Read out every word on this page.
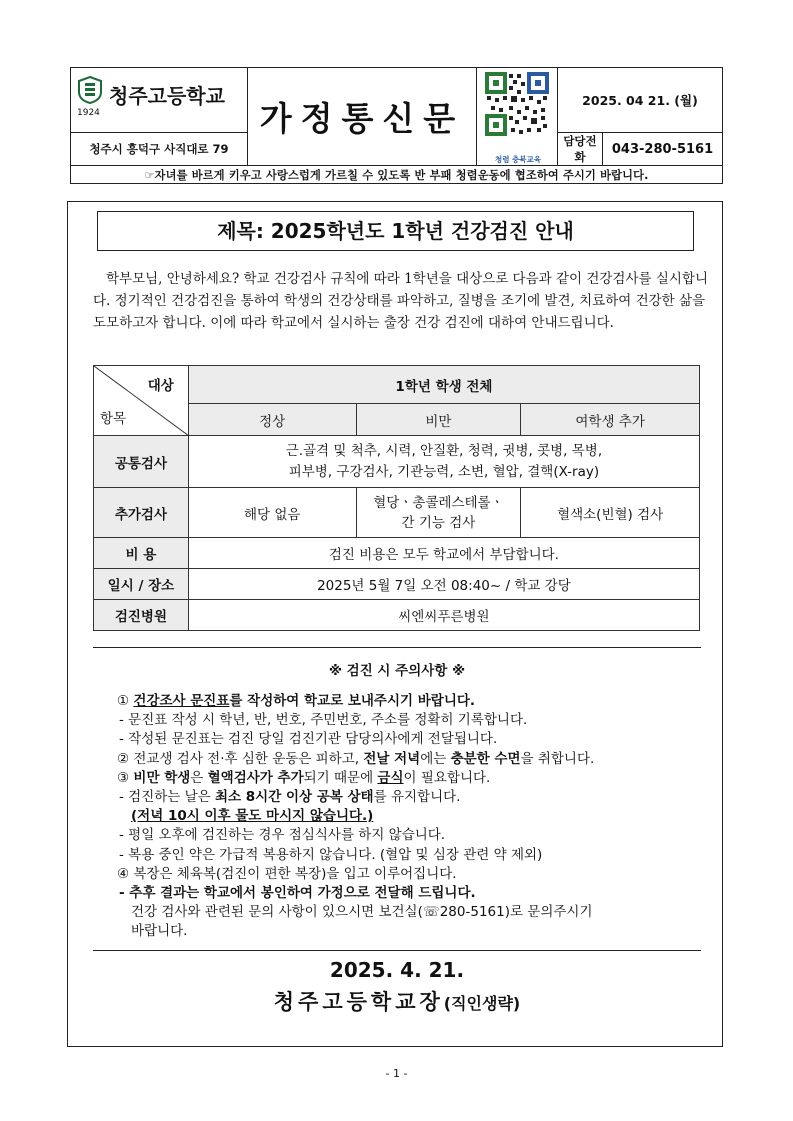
청주고등학교
1924	가정통신문	청렴 충북교육	2025. 04 21. (월)	
청주시 흥덕구 사직대로 79			담당전화	043-280-5161
☞자녀를 바르게 키우고 사랑스럽게 가르칠 수 있도록 반 부패 청렴운동에 협조하여 주시기 바랍니다.				
제목: 2025학년도 1학년 건강검진 안내
학부모님, 안녕하세요? 학교 건강검사 규칙에 따라 1학년을 대상으로 다음과 같이 건강검사를 실시합니다. 정기적인 건강검진을 통하여 학생의 건강상태를 파악하고, 질병을 조기에 발견, 치료하여 건강한 삶을 도모하고자 합니다. 이에 따라 학교에서 실시하는 출장 건강 검진에 대하여 안내드립니다.
대상
항목	1학년 학생 전체		
	정상	비만	여학생 추가
공통검사	근.골격 및 척추, 시력, 안질환, 청력, 귓병, 콧병, 목병,
피부병, 구강검사, 기관능력, 소변, 혈압, 결핵(X-ray)		

추가검사	해당 없음	혈당ㆍ총콜레스테롤ㆍ
간 기능 검사	혈색소(빈혈) 검사
비 용	검진 비용은 모두 학교에서 부담합니다.		
일시 / 장소	2025년 5월 7일 오전 08:40~ / 학교 강당		
검진병원	씨엔씨푸른병원		
※ 검진 시 주의사항 ※
① 건강조사 문진표를 작성하여 학교로 보내주시기 바랍니다.
- 문진표 작성 시 학년, 반, 번호, 주민번호, 주소를 정확히 기록합니다.
- 작성된 문진표는 검진 당일 검진기관 담당의사에게 전달됩니다.
② 전교생 검사 전·후 심한 운동은 피하고, 전날 저녁에는 충분한 수면을 취합니다.
③ 비만 학생은 혈액검사가 추가되기 때문에 금식이 필요합니다.
- 검진하는 날은 최소 8시간 이상 공복 상태를 유지합니다.
(저녁 10시 이후 물도 마시지 않습니다.)
- 평일 오후에 검진하는 경우 점심식사를 하지 않습니다.
- 복용 중인 약은 가급적 복용하지 않습니다. (혈압 및 심장 관련 약 제외)
④ 복장은 체육복(검진이 편한 복장)을 입고 이루어집니다.
- 추후 결과는 학교에서 봉인하여 가정으로 전달해 드립니다.
건강 검사와 관련된 문의 사항이 있으시면 보건실(☏280-5161)로 문의주시기
바랍니다.
2025. 4. 21.
청주고등학교장(직인생략)
- 1 -
